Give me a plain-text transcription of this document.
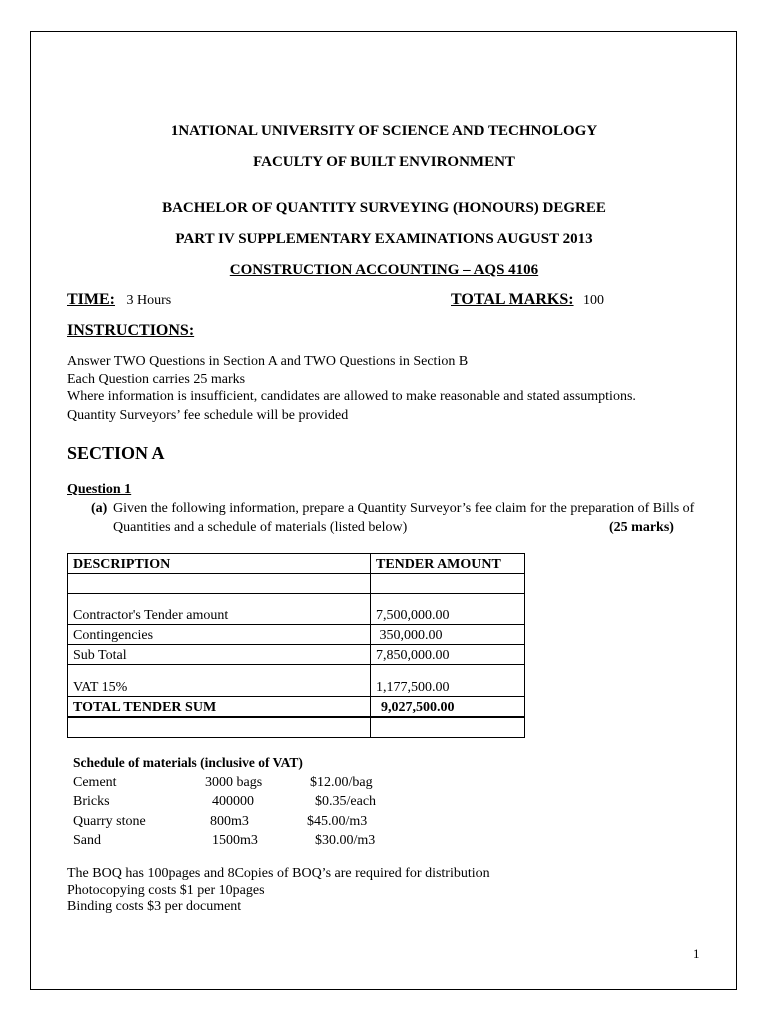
1NATIONAL UNIVERSITY OF SCIENCE AND TECHNOLOGY
FACULTY OF BUILT ENVIRONMENT
BACHELOR OF QUANTITY SURVEYING (HONOURS) DEGREE
PART IV SUPPLEMENTARY EXAMINATIONS AUGUST 2013
CONSTRUCTION ACCOUNTING – AQS 4106
TIME: 3 Hours	TOTAL MARKS: 100
INSTRUCTIONS:
Answer TWO Questions in Section A and TWO Questions in Section B
Each Question carries 25 marks
Where information is insufficient, candidates are allowed to make reasonable and stated assumptions.
Quantity Surveyors’ fee schedule will be provided
SECTION A
Question 1
(a) Given the following information, prepare a Quantity Surveyor’s fee claim for the preparation of Bills of
Quantities and a schedule of materials (listed below)	(25 marks)
DESCRIPTION	TENDER AMOUNT

Contractor's Tender amount	7,500,000.00
Contingencies	350,000.00
Sub Total	7,850,000.00
VAT 15%	1,177,500.00
TOTAL TENDER SUM	9,027,500.00

Schedule of materials (inclusive of VAT)
Cement	3000 bags	$12.00/bag
Bricks	400000	$0.35/each
Quarry stone	800m3	$45.00/m3
Sand	1500m3	$30.00/m3
The BOQ has 100pages and 8Copies of BOQ’s are required for distribution
Photocopying costs $1 per 10pages
Binding costs $3 per document
1
